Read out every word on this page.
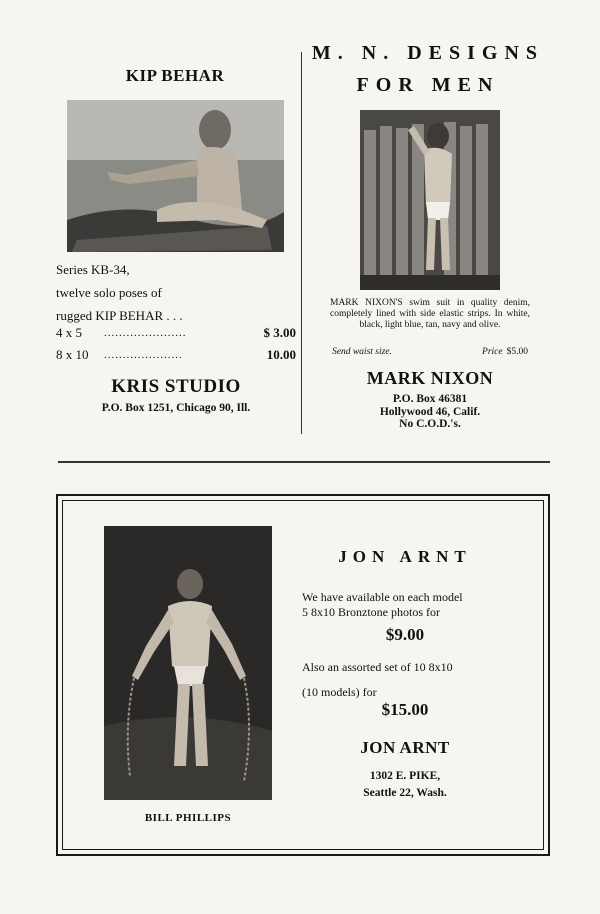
KIP BEHAR
Series KB-34,
twelve solo poses of
rugged KIP BEHAR . . .
4 x 5	......................	$ 3.00
8 x 10	.....................	10.00
KRIS STUDIO
P.O. Box 1251, Chicago 90, Ill.
M. N. DESIGNS
FOR MEN
MARK NIXON'S swim suit in quality denim, completely lined with side elastic strips. In white, black, light blue, tan, navy and olive.
Send waist size.	Price $5.00
MARK NIXON
P.O. Box 46381
Hollywood 46, Calif.
No C.O.D.'s.
BILL PHILLIPS
JON ARNT
We have available on each model
5 8x10 Bronztone photos for
$9.00
Also an assorted set of 10 8x10
(10 models) for
$15.00
JON ARNT
1302 E. PIKE,
Seattle 22, Wash.
